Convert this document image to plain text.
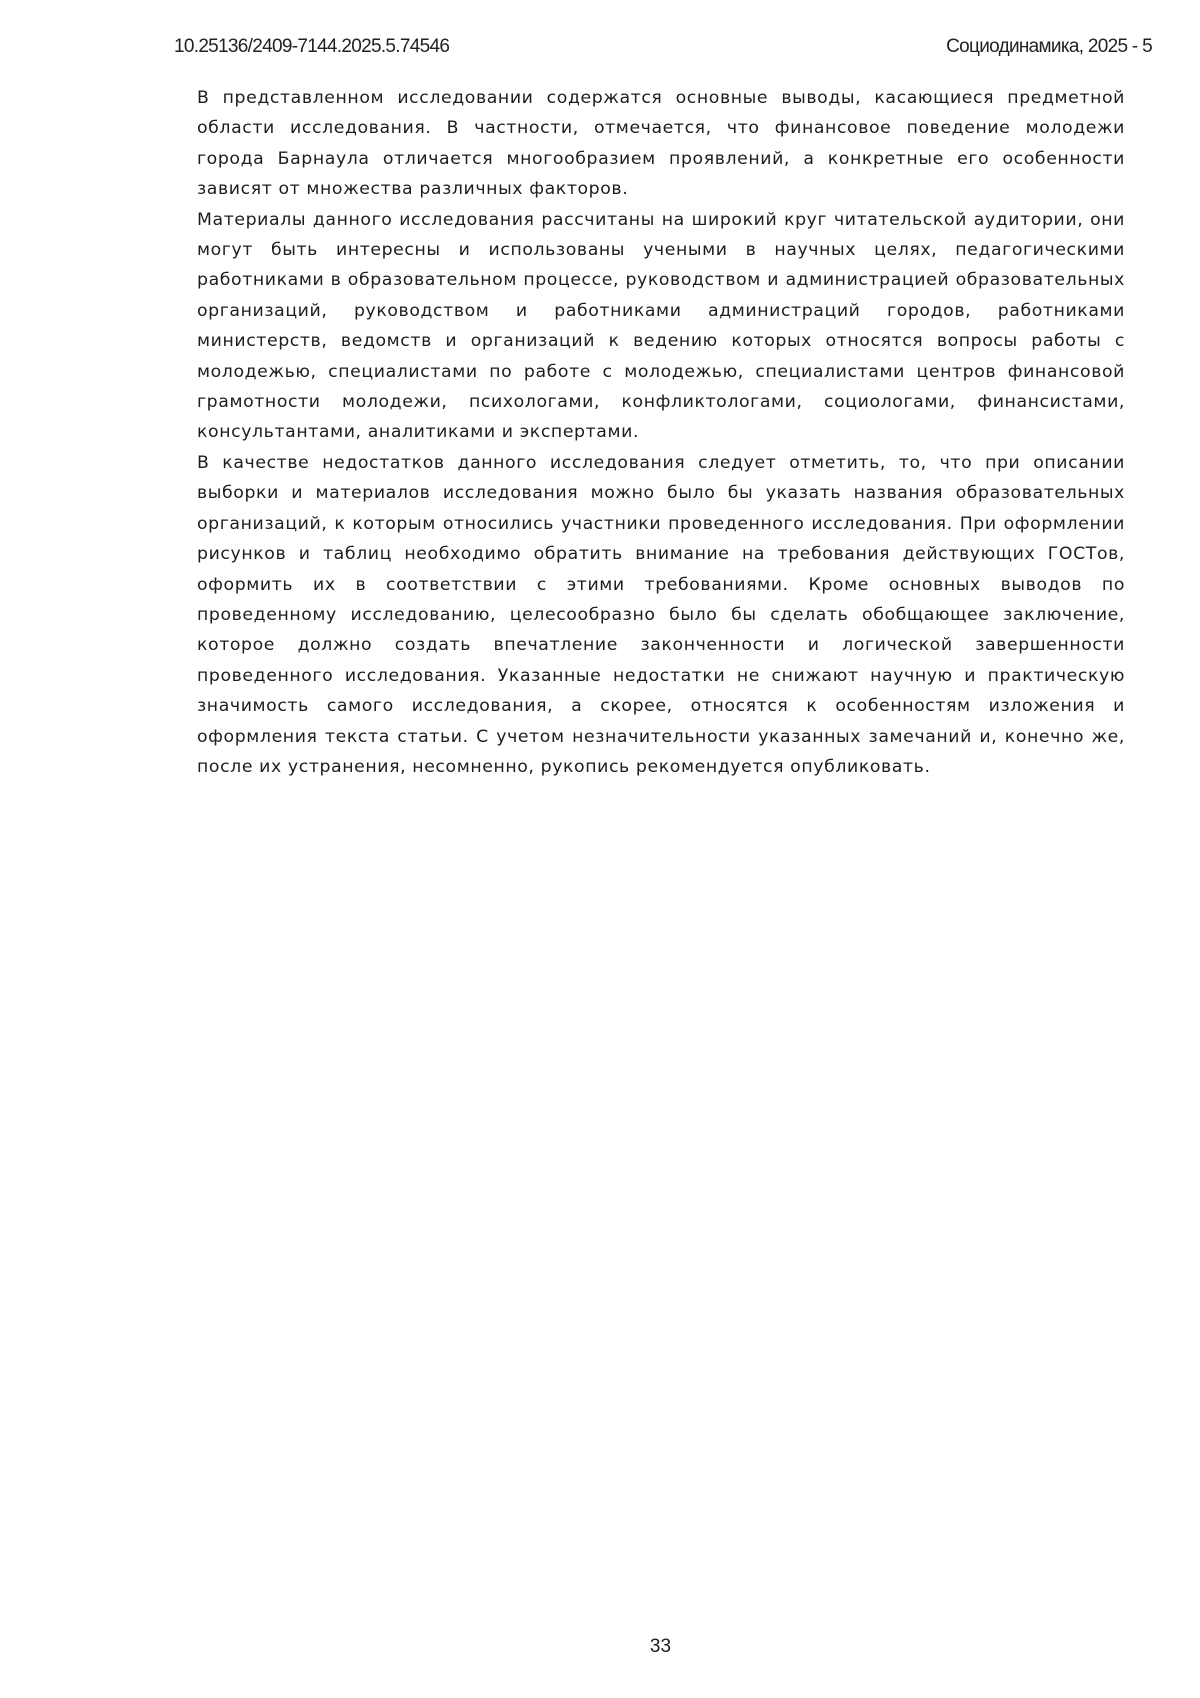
10.25136/2409-7144.2025.5.74546	Социодинамика, 2025 - 5

В представленном исследовании содержатся основные выводы, касающиеся предметной области исследования. В частности, отмечается, что финансовое поведение молодежи города Барнаула отличается многообразием проявлений, а конкретные его особенности зависят от множества различных факторов.

Материалы данного исследования рассчитаны на широкий круг читательской аудитории, они могут быть интересны и использованы учеными в научных целях, педагогическими работниками в образовательном процессе, руководством и администрацией образовательных организаций, руководством и работниками администраций городов, работниками министерств, ведомств и организаций к ведению которых относятся вопросы работы с молодежью, специалистами по работе с молодежью, специалистами центров финансовой грамотности молодежи, психологами, конфликтологами, социологами, финансистами, консультантами, аналитиками и экспертами.

В качестве недостатков данного исследования следует отметить, то, что при описании выборки и материалов исследования можно было бы указать названия образовательных организаций, к которым относились участники проведенного исследования. При оформлении рисунков и таблиц необходимо обратить внимание на требования действующих ГОСТов, оформить их в соответствии с этими требованиями. Кроме основных выводов по проведенному исследованию, целесообразно было бы сделать обобщающее заключение, которое должно создать впечатление законченности и логической завершенности проведенного исследования. Указанные недостатки не снижают научную и практическую значимость самого исследования, а скорее, относятся к особенностям изложения и оформления текста статьи. С учетом незначительности указанных замечаний и, конечно же, после их устранения, несомненно, рукопись рекомендуется опубликовать.

33
